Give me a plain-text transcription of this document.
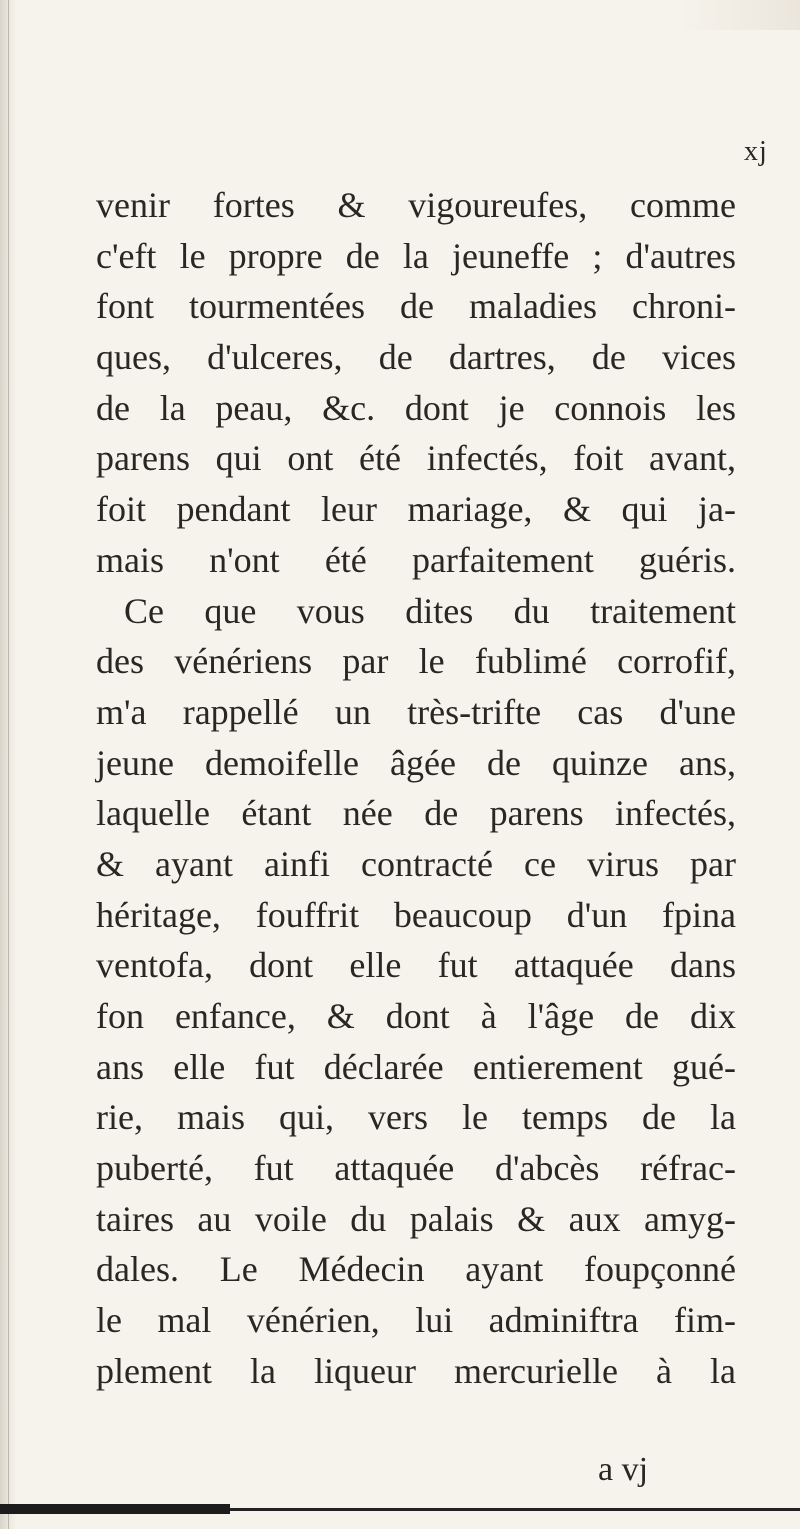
xj
venir fortes & vigoureufes, comme
c'eft le propre de la jeuneffe ; d'autres
font tourmentées de maladies chroni-
ques, d'ulceres, de dartres, de vices
de la peau, &c. dont je connois les
parens qui ont été infectés, foit avant,
foit pendant leur mariage, & qui ja-
mais n'ont été parfaitement guéris.
Ce que vous dites du traitement
des vénériens par le fublimé corrofif,
m'a rappellé un très-trifte cas d'une
jeune demoifelle âgée de quinze ans,
laquelle étant née de parens infectés,
& ayant ainfi contracté ce virus par
héritage, fouffrit beaucoup d'un fpina
ventofa, dont elle fut attaquée dans
fon enfance, & dont à l'âge de dix
ans elle fut déclarée entierement gué-
rie, mais qui, vers le temps de la
puberté, fut attaquée d'abcès réfrac-
taires au voile du palais & aux amyg-
dales. Le Médecin ayant foupçonné
le mal vénérien, lui adminiftra fim-
plement la liqueur mercurielle à la
a vj
